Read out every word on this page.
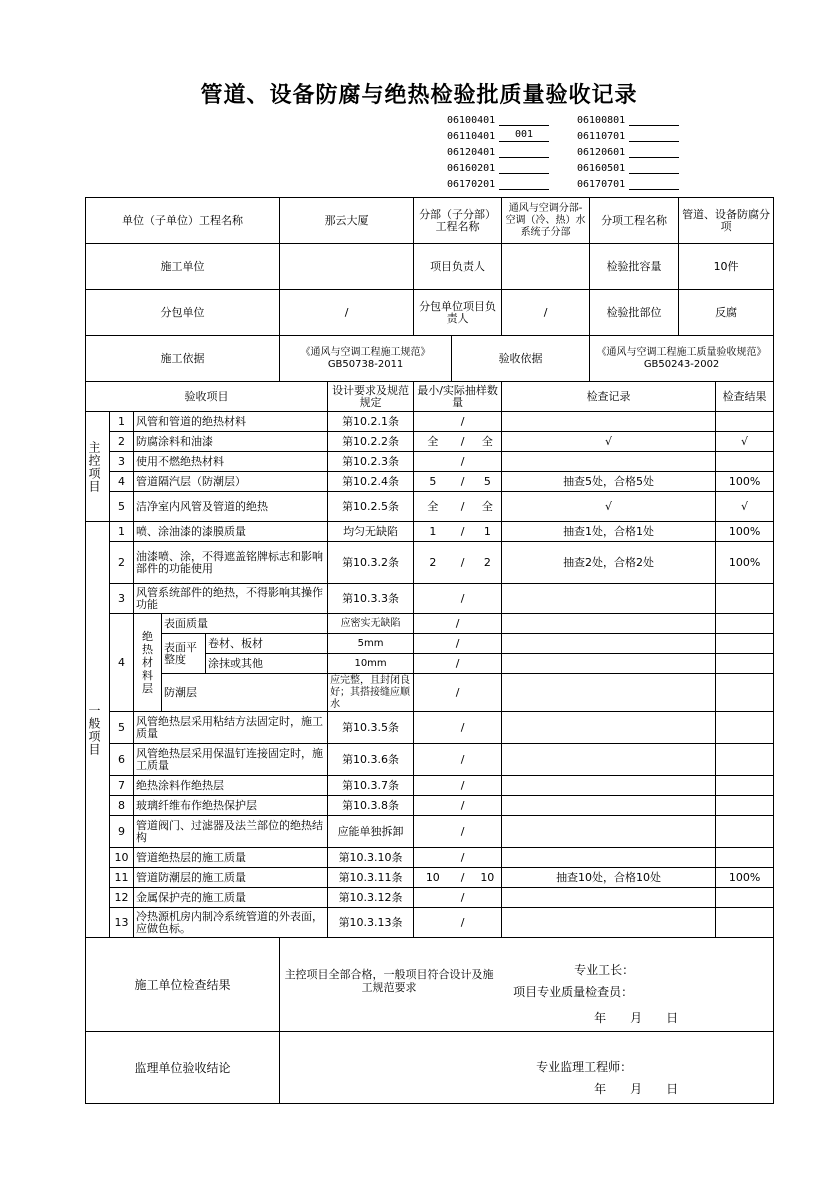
管道、设备防腐与绝热检验批质量验收记录
06100401	06100801
06110401	001	06110701
06120401	06120601
06160201	06160501
06170201	06170701
单位（子单位）工程名称					那云大厦		分部（子分部）工程名称			通风与空调分部-空调（冷、热）水系统子分部	分项工程名称	管道、设备防腐分项	
施工单位							项目负责人				检验批容量	10件	
分包单位					/		分包单位项目负责人			/	检验批部位	反腐	
施工依据					《通风与空调工程施工规范》GB50738-2011			验收依据			《通风与空调工程施工质量验收规范》GB50243-2002		
验收项目						设计要求及规范规定	最小/实际抽样数量			检查记录			检查结果

主控项目	1	风管和管道的绝热材料				第10.2.1条		/					
	2	防腐涂料和油漆				第10.2.2条	全	/	全	√			√
	3	使用不燃绝热材料				第10.2.3条		/					
	4	管道隔汽层（防潮层）				第10.2.4条	5	/	5	抽查5处，合格5处			100%
	5	洁净室内风管及管道的绝热				第10.2.5条	全	/	全	√			√

一般项目	1	喷、涂油漆的漆膜质量				均匀无缺陷	1	/	1	抽查1处，合格1处			100%
	2	油漆喷、涂，不得遮盖铭牌标志和影响部件的功能使用				第10.3.2条	2	/	2	抽查2处，合格2处			100%
	3	风管系统部件的绝热，不得影响其操作功能				第10.3.3条		/					
	4	绝热材料层	表面质量			应密实无缺陷	/						
			表面平整度	卷材、板材		5mm	/						
				涂抹或其他		10mm	/						
			防潮层			应完整，且封闭良好；其搭接缝应顺水	/						
	5	风管绝热层采用粘结方法固定时，施工质量				第10.3.5条		/					
	6	风管绝热层采用保温钉连接固定时，施工质量				第10.3.6条		/					
	7	绝热涂料作绝热层				第10.3.7条		/					
	8	玻璃纤维布作绝热保护层				第10.3.8条		/					
	9	管道阀门、过滤器及法兰部位的绝热结构				应能单独拆卸		/					
	10	管道绝热层的施工质量				第10.3.10条		/					
	11	管道防潮层的施工质量				第10.3.11条	10	/	10	抽查10处，合格10处			100%
	12	金属保护壳的施工质量				第10.3.12条		/					
	13	冷热源机房内制冷系统管道的外表面，应做色标。				第10.3.13条		/					
施工单位检查结果					主控项目全部合格，一般项目符合设计及施工规范要求
专业工长：
项目专业质量检查员：
年　　月　　日								

监理单位验收结论					专业监理工程师：
年　　月　　日								
